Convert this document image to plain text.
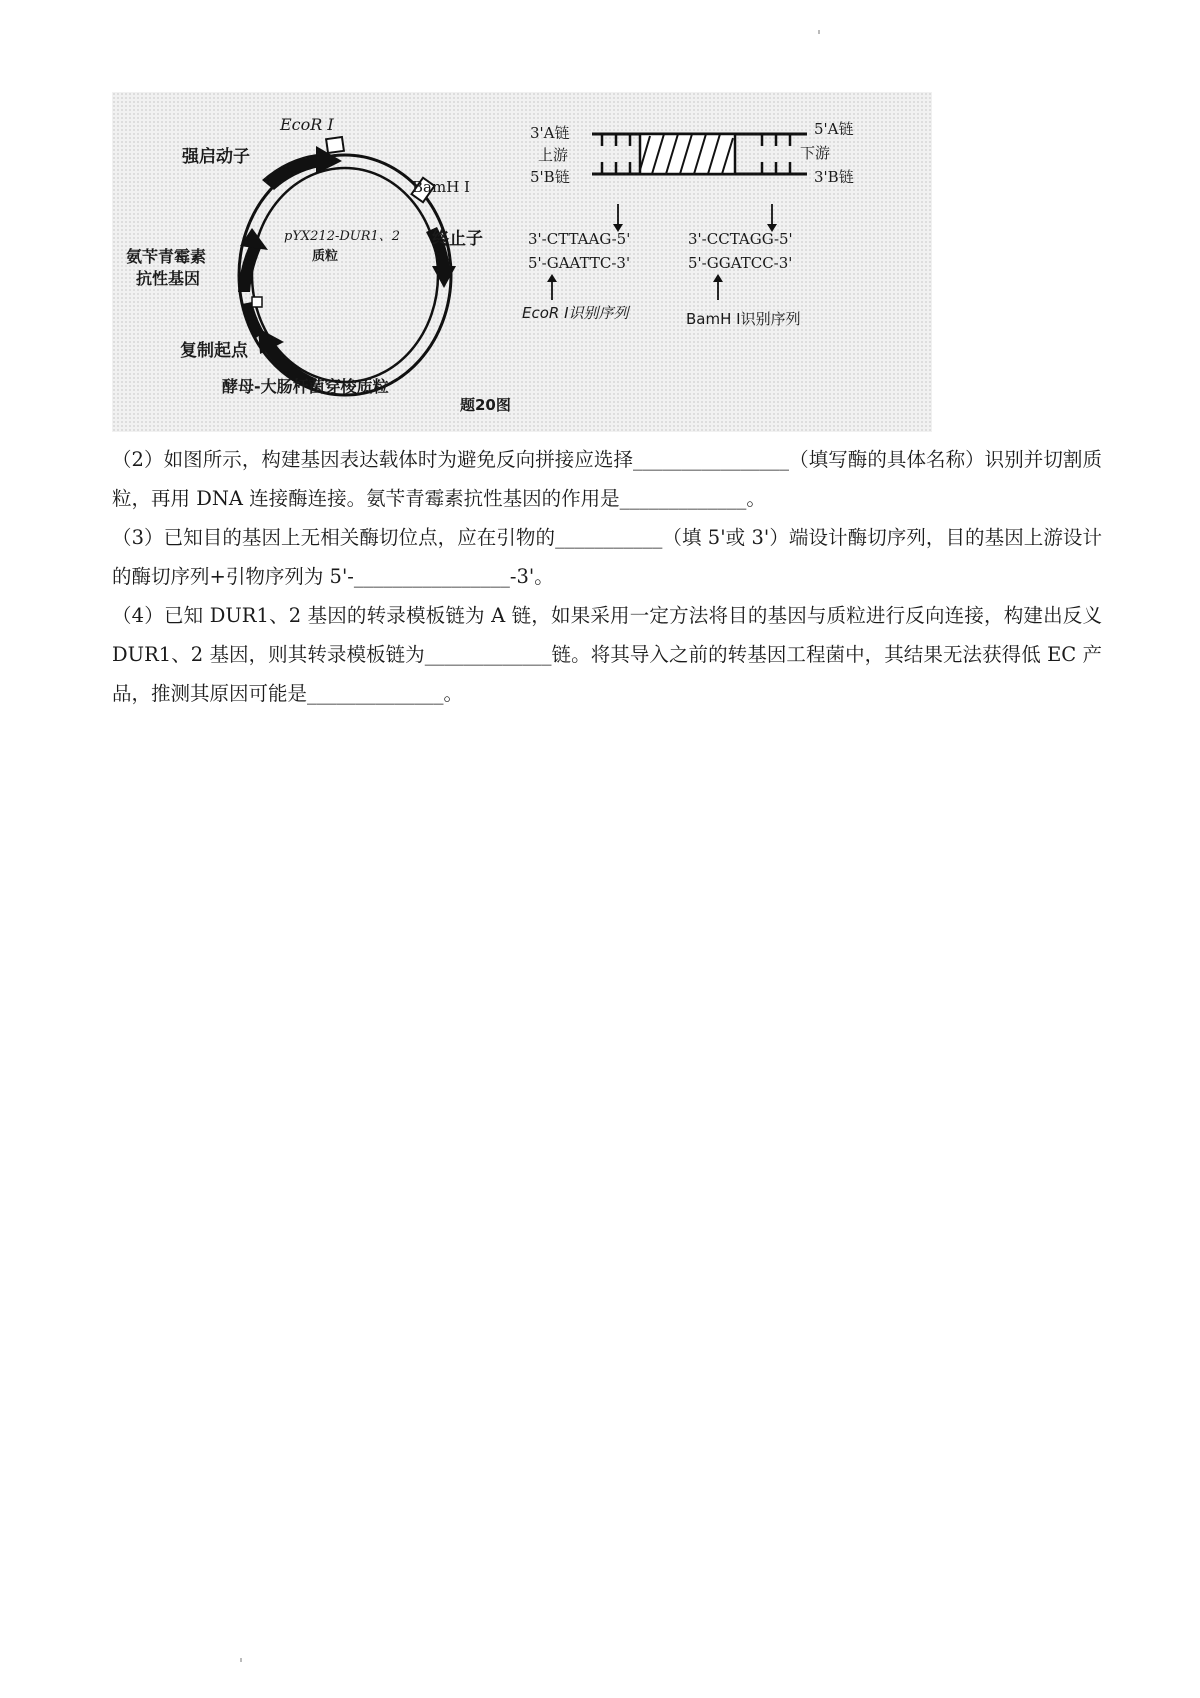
EcoR Ⅰ
强启动子
BamH Ⅰ
终止子
氨苄青霉素
抗性基因
pYX212-DUR1、2
质粒
复制起点
酵母-大肠杆菌穿梭质粒
题20图
3'A链
上游
5'B链
5'A链
下游
3'B链
3'-CTTAAG-5'
5'-GAATTC-3'
EcoR Ⅰ识别序列
3'-CCTAGG-5'
5'-GGATCC-3'
BamH Ⅰ识别序列

（2）如图所示，构建基因表达载体时为避免反向拼接应选择________________（填写酶的具体名称）识别并切割质粒，再用 DNA 连接酶连接。氨苄青霉素抗性基因的作用是_____________。

（3）已知目的基因上无相关酶切位点，应在引物的___________（填 5'或 3'）端设计酶切序列，目的基因上游设计的酶切序列+引物序列为 5'-________________-3'。

（4）已知 DUR1、2 基因的转录模板链为 A 链，如果采用一定方法将目的基因与质粒进行反向连接，构建出反义 DUR1、2 基因，则其转录模板链为_____________链。将其导入之前的转基因工程菌中，其结果无法获得低 EC 产品，推测其原因可能是______________。
